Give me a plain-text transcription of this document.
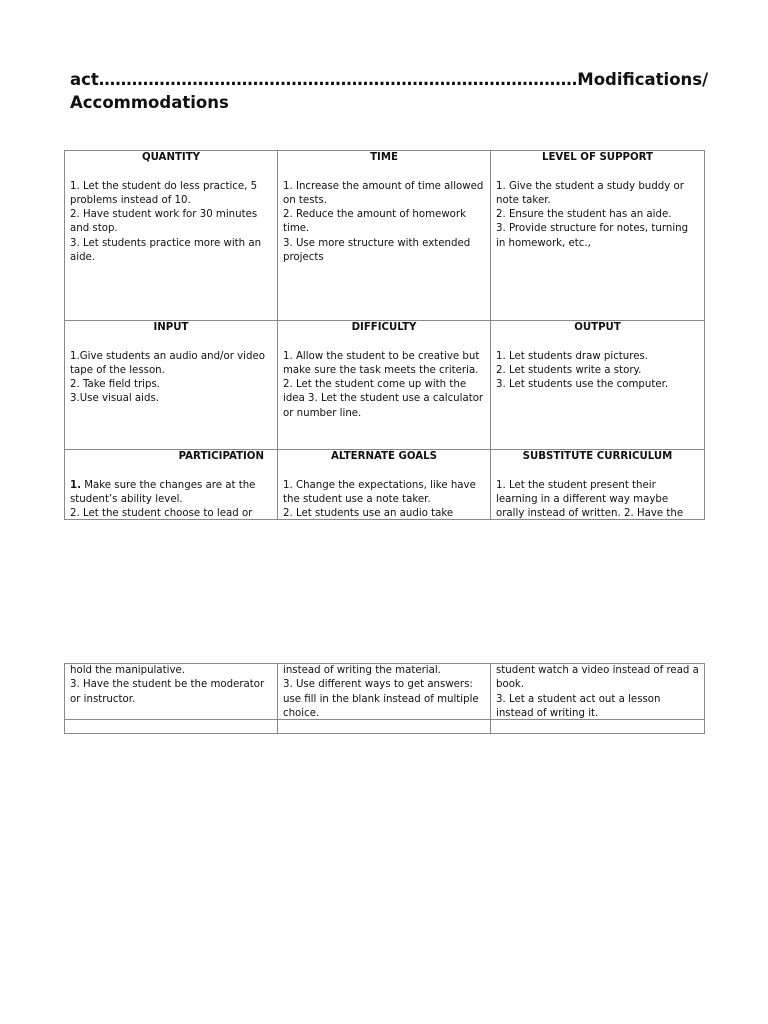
act……………………………………………………………………………Modifications/Accommodations
QUANTITY

1. Let the student do less practice, 5 problems instead of 10.

2. Have student work for 30 minutes and stop.

3. Let students practice more with an aide.

TIME

1. Increase the amount of time allowed on tests.

2. Reduce the amount of homework time.

3. Use more structure with extended projects

LEVEL OF SUPPORT

1. Give the student a study buddy or note taker.

2. Ensure the student has an aide.

3. Provide structure for notes, turning in homework, etc.,

INPUT

1.Give students an audio and/or video tape of the lesson.

2. Take field trips.

3.Use visual aids.

DIFFICULTY

1. Allow the student to be creative but make sure the task meets the criteria.

2. Let the student come up with the idea 3. Let the student use a calculator or number line.

OUTPUT

1. Let students draw pictures.

2. Let students write a story.

3. Let students use the computer.

PARTICIPATION

1. Make sure the changes are at the student’s ability level.

2. Let the student choose to lead or

ALTERNATE GOALS

1. Change the expectations, like have the student use a note taker.

2. Let students use an audio take

SUBSTITUTE CURRICULUM

1. Let the student present their learning in a different way maybe orally instead of written. 2. Have the

hold the manipulative.

3. Have the student be the moderator or instructor.

instead of writing the material.

3. Use different ways to get answers: use fill in the blank instead of multiple choice.

student watch a video instead of read a book.

3. Let a student act out a lesson instead of writing it.
